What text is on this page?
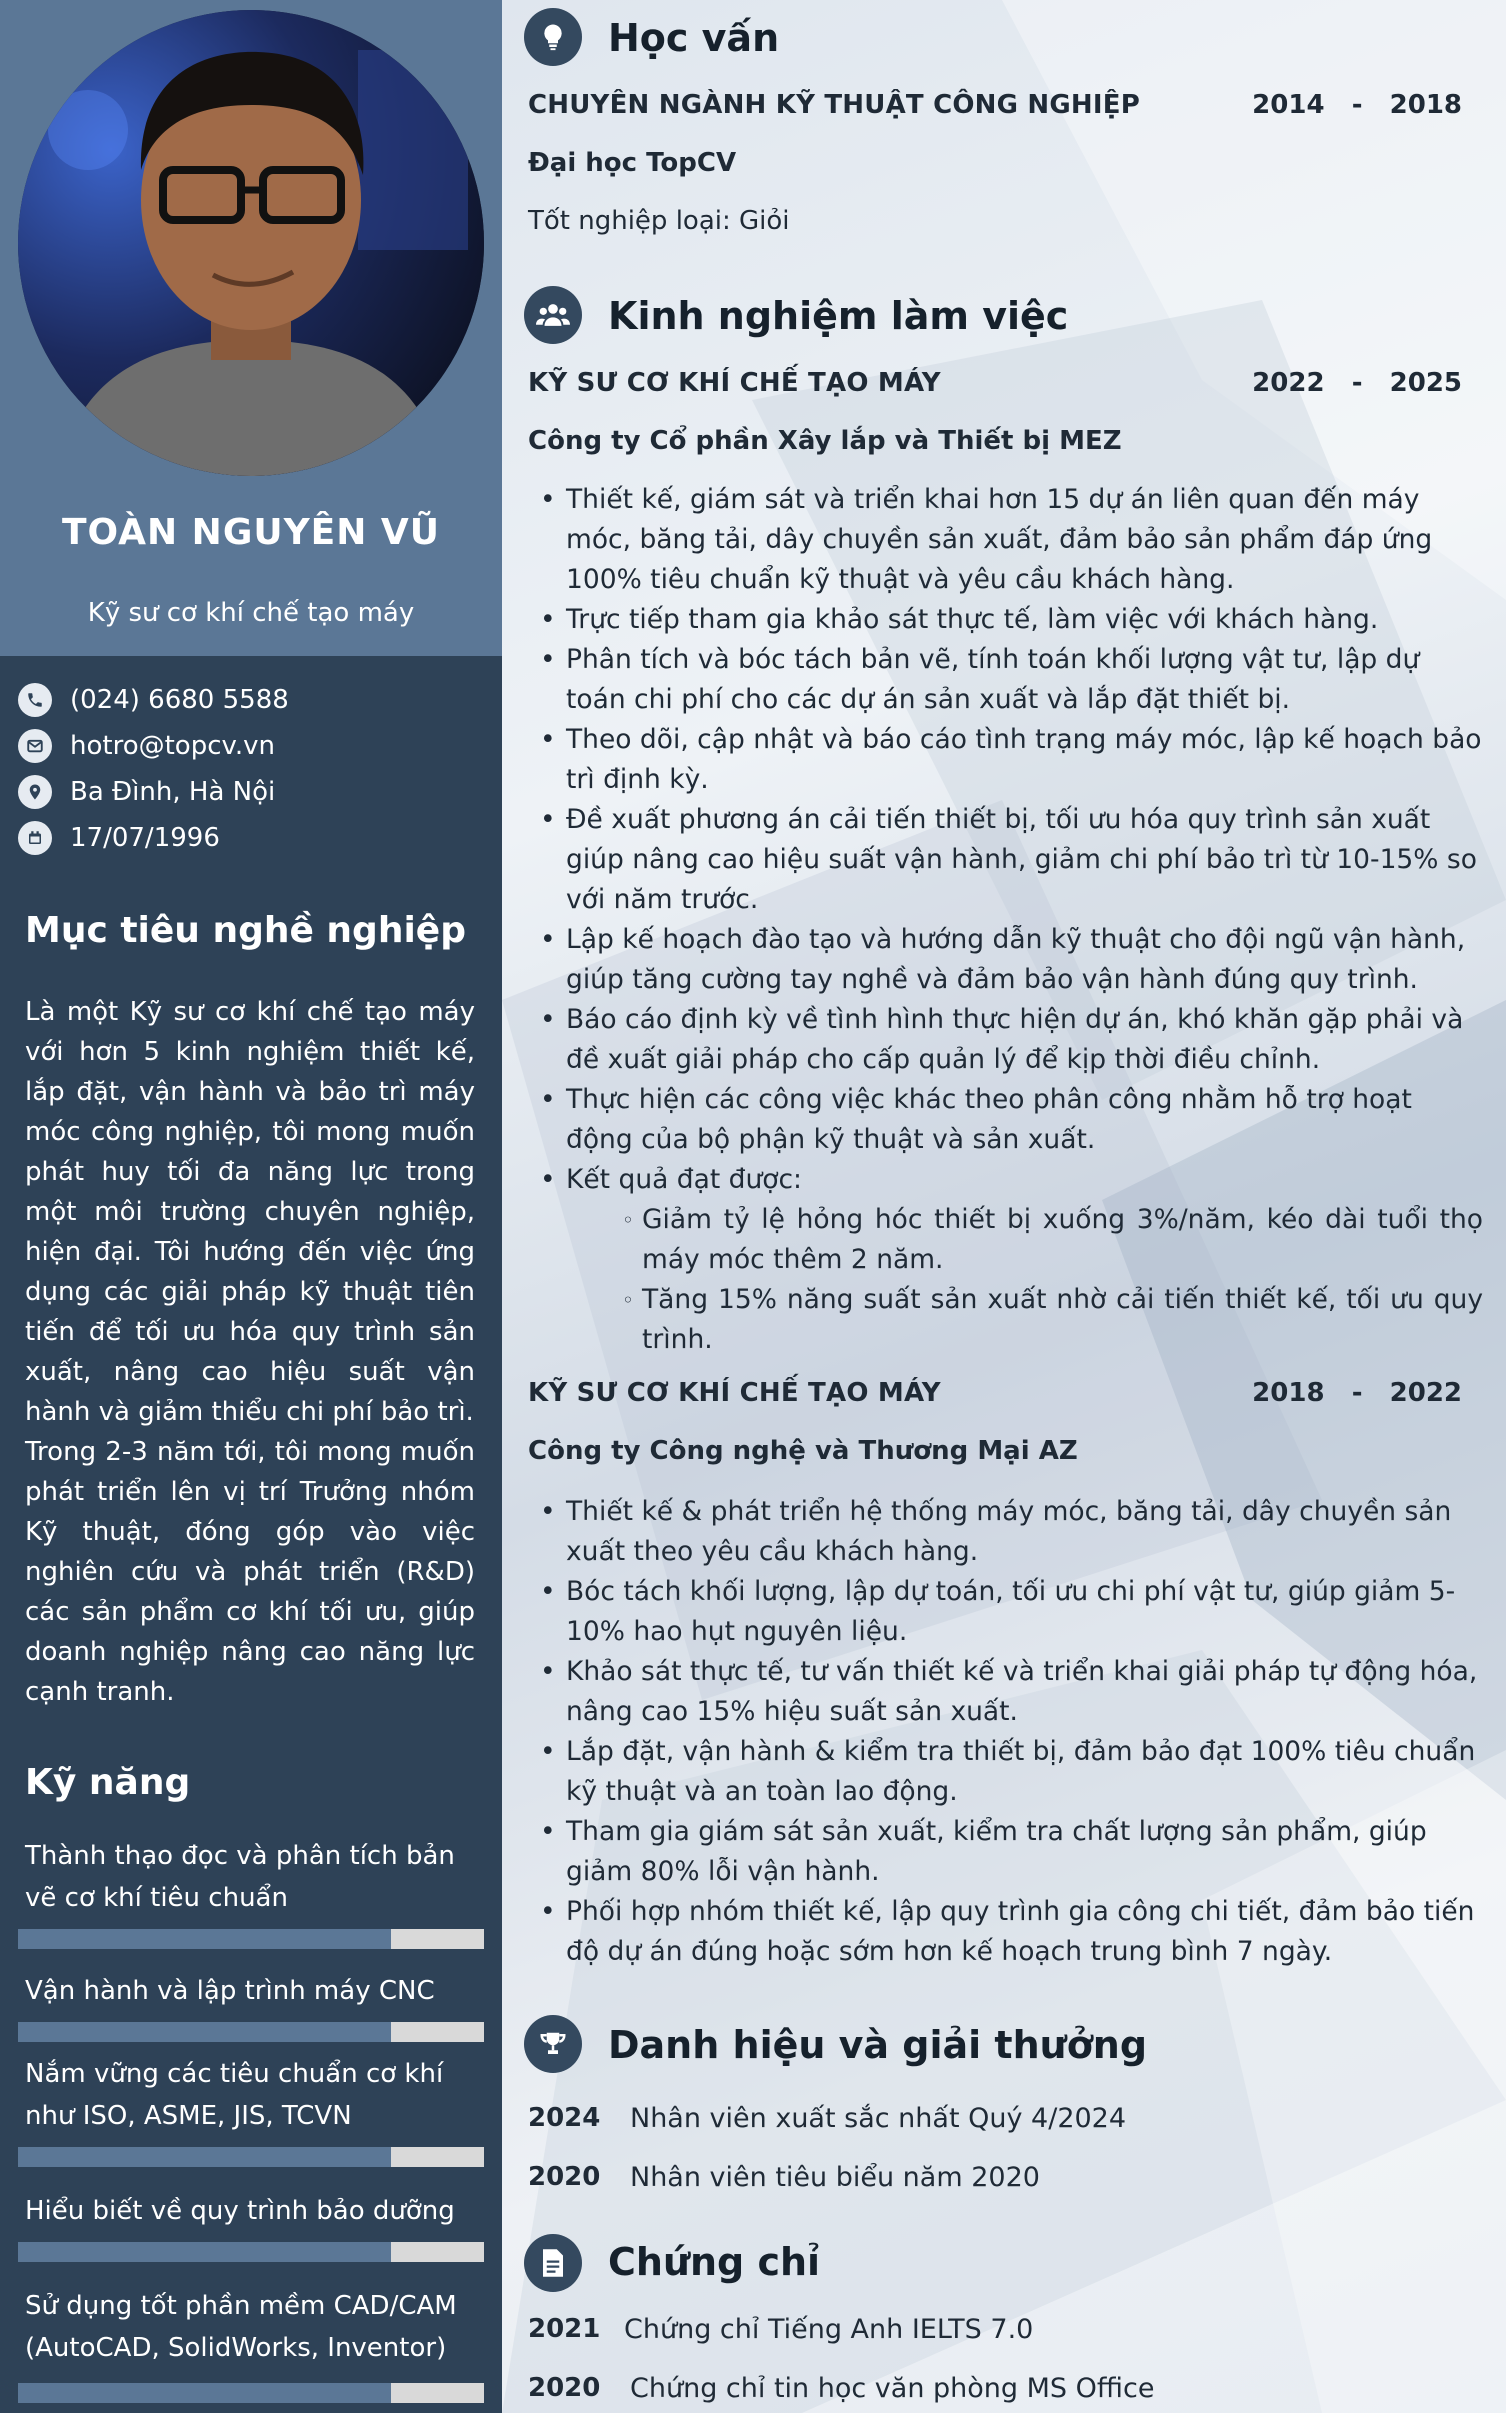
TOÀN NGUYÊN VŨ
Kỹ sư cơ khí chế tạo máy
(024) 6680 5588
hotro@topcv.vn
Ba Đình, Hà Nội
17/07/1996
Mục tiêu nghề nghiệp

Là một Kỹ sư cơ khí chế tạo máy với hơn 5 kinh nghiệm thiết kế, lắp đặt, vận hành và bảo trì máy móc công nghiệp, tôi mong muốn phát huy tối đa năng lực trong một môi trường chuyên nghiệp, hiện đại. Tôi hướng đến việc ứng dụng các giải pháp kỹ thuật tiên tiến để tối ưu hóa quy trình sản xuất, nâng cao hiệu suất vận hành và giảm thiểu chi phí bảo trì.

Trong 2-3 năm tới, tôi mong muốn phát triển lên vị trí Trưởng nhóm Kỹ thuật, đóng góp vào việc nghiên cứu và phát triển (R&D) các sản phẩm cơ khí tối ưu, giúp doanh nghiệp nâng cao năng lực cạnh tranh.

Kỹ năng
Thành thạo đọc và phân tích bản vẽ cơ khí tiêu chuẩn
Vận hành và lập trình máy CNC
Nắm vững các tiêu chuẩn cơ khí như ISO, ASME, JIS, TCVN
Hiểu biết về quy trình bảo dưỡng
Sử dụng tốt phần mềm CAD/CAM (AutoCAD, SolidWorks, Inventor)
Học vấn
CHUYÊN NGÀNH KỸ THUẬT CÔNG NGHIỆP	2014   -   2018
Đại học TopCV
Tốt nghiệp loại: Giỏi
Kinh nghiệm làm việc
KỸ SƯ CƠ KHÍ CHẾ TẠO MÁY	2022   -   2025
Công ty Cổ phần Xây lắp và Thiết bị MEZ
• Thiết kế, giám sát và triển khai hơn 15 dự án liên quan đến máy móc, băng tải, dây chuyền sản xuất, đảm bảo sản phẩm đáp ứng 100% tiêu chuẩn kỹ thuật và yêu cầu khách hàng.
• Trực tiếp tham gia khảo sát thực tế, làm việc với khách hàng.
• Phân tích và bóc tách bản vẽ, tính toán khối lượng vật tư, lập dự toán chi phí cho các dự án sản xuất và lắp đặt thiết bị.
• Theo dõi, cập nhật và báo cáo tình trạng máy móc, lập kế hoạch bảo trì định kỳ.
• Đề xuất phương án cải tiến thiết bị, tối ưu hóa quy trình sản xuất giúp nâng cao hiệu suất vận hành, giảm chi phí bảo trì từ 10-15% so với năm trước.
• Lập kế hoạch đào tạo và hướng dẫn kỹ thuật cho đội ngũ vận hành, giúp tăng cường tay nghề và đảm bảo vận hành đúng quy trình.
• Báo cáo định kỳ về tình hình thực hiện dự án, khó khăn gặp phải và đề xuất giải pháp cho cấp quản lý để kịp thời điều chỉnh.
• Thực hiện các công việc khác theo phân công nhằm hỗ trợ hoạt động của bộ phận kỹ thuật và sản xuất.
• Kết quả đạt được:
◦ Giảm tỷ lệ hỏng hóc thiết bị xuống 3%/năm, kéo dài tuổi thọ máy móc thêm 2 năm.
◦ Tăng 15% năng suất sản xuất nhờ cải tiến thiết kế, tối ưu quy trình.
KỸ SƯ CƠ KHÍ CHẾ TẠO MÁY	2018   -   2022
Công ty Công nghệ và Thương Mại AZ
• Thiết kế & phát triển hệ thống máy móc, băng tải, dây chuyền sản xuất theo yêu cầu khách hàng.
• Bóc tách khối lượng, lập dự toán, tối ưu chi phí vật tư, giúp giảm 5-10% hao hụt nguyên liệu.
• Khảo sát thực tế, tư vấn thiết kế và triển khai giải pháp tự động hóa, nâng cao 15% hiệu suất sản xuất.
• Lắp đặt, vận hành & kiểm tra thiết bị, đảm bảo đạt 100% tiêu chuẩn kỹ thuật và an toàn lao động.
• Tham gia giám sát sản xuất, kiểm tra chất lượng sản phẩm, giúp giảm 80% lỗi vận hành.
• Phối hợp nhóm thiết kế, lập quy trình gia công chi tiết, đảm bảo tiến độ dự án đúng hoặc sớm hơn kế hoạch trung bình 7 ngày.
Danh hiệu và giải thưởng
2024 Nhân viên xuất sắc nhất Quý 4/2024
2020 Nhân viên tiêu biểu năm 2020
Chứng chỉ
2021 Chứng chỉ Tiếng Anh IELTS 7.0
2020 Chứng chỉ tin học văn phòng MS Office
